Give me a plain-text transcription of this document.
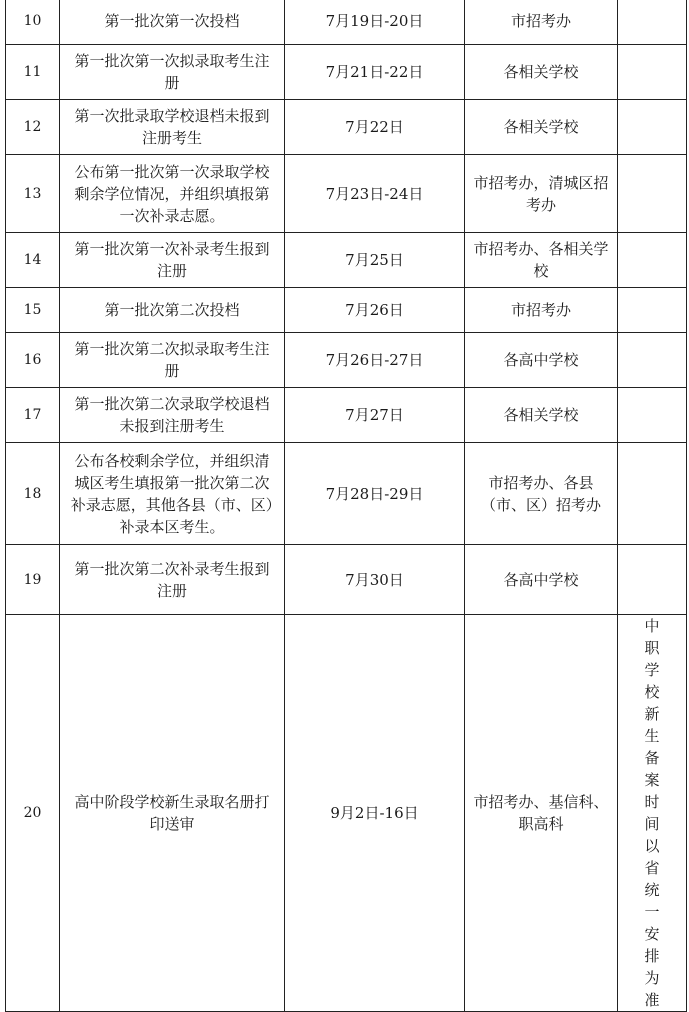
10	第一批次第一次投档	7月19日-20日	市招考办	
11	第一批次第一次拟录取考生注册	7月21日-22日	各相关学校	
12	第一次批录取学校退档未报到注册考生	7月22日	各相关学校	
13	公布第一批次第一次录取学校剩余学位情况，并组织填报第一次补录志愿。	7月23日-24日	市招考办，清城区招考办	
14	第一批次第一次补录考生报到注册	7月25日	市招考办、各相关学校	
15	第一批次第二次投档	7月26日	市招考办	
16	第一批次第二次拟录取考生注册	7月26日-27日	各高中学校	
17	第一批次第二次录取学校退档未报到注册考生	7月27日	各相关学校	
18	公布各校剩余学位，并组织清城区考生填报第一批次第二次补录志愿，其他各县（市、区）补录本区考生。	7月28日-29日	市招考办、各县（市、区）招考办	
19	第一批次第二次补录考生报到注册	7月30日	各高中学校	
20	高中阶段学校新生录取名册打印送审	9月2日-16日	市招考办、基信科、职高科	中职学校新生备案时间以省统一安排为准
